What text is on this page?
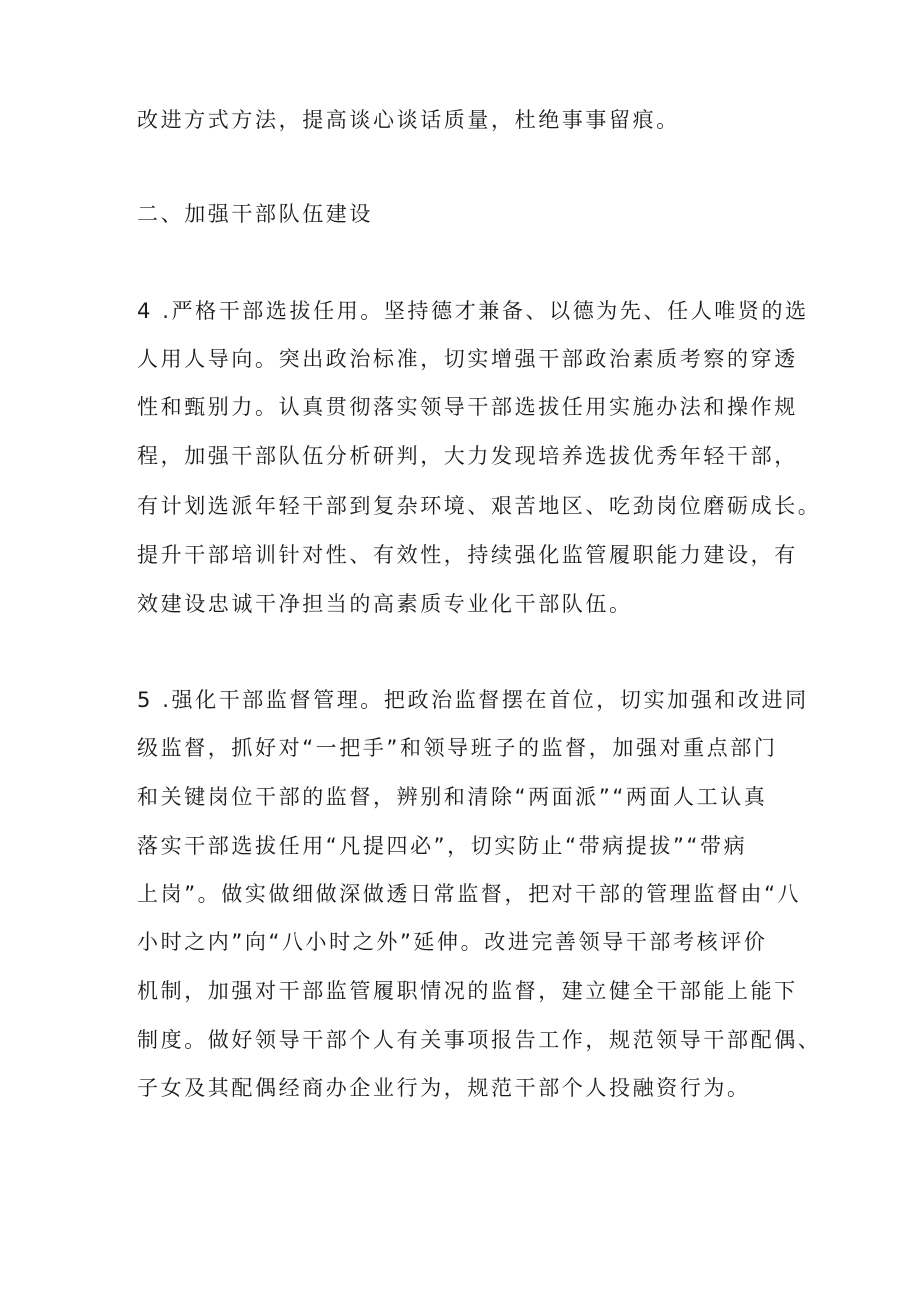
改进方式方法，提高谈心谈话质量，杜绝事事留痕。

二、加强干部队伍建设

4 .严格干部选拔任用。坚持德才兼备、以德为先、任人唯贤的选

人用人导向。突出政治标准，切实增强干部政治素质考察的穿透

性和甄别力。认真贯彻落实领导干部选拔任用实施办法和操作规

程，加强干部队伍分析研判，大力发现培养选拔优秀年轻干部，

有计划选派年轻干部到复杂环境、艰苦地区、吃劲岗位磨砺成长。

提升干部培训针对性、有效性，持续强化监管履职能力建设，有

效建设忠诚干净担当的高素质专业化干部队伍。

5 .强化干部监督管理。把政治监督摆在首位，切实加强和改进同

级监督，抓好对“一把手”和领导班子的监督，加强对重点部门

和关键岗位干部的监督，辨别和清除“两面派”“两面人工认真

落实干部选拔任用“凡提四必”，切实防止“带病提拔”“带病

上岗”。做实做细做深做透日常监督，把对干部的管理监督由“八

小时之内”向“八小时之外”延伸。改进完善领导干部考核评价

机制，加强对干部监管履职情况的监督，建立健全干部能上能下

制度。做好领导干部个人有关事项报告工作，规范领导干部配偶、

子女及其配偶经商办企业行为，规范干部个人投融资行为。
